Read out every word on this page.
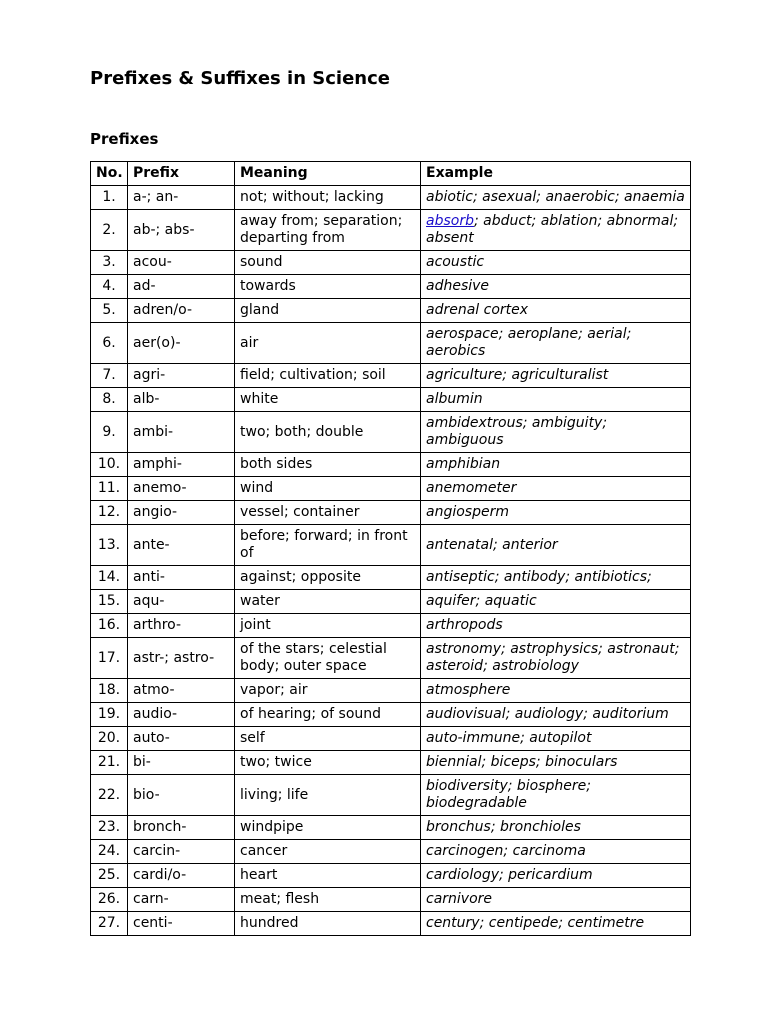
Prefixes & Suffixes in Science
Prefixes
No.	Prefix	Meaning	Example
1.	a-; an-	not; without; lacking	abiotic; asexual; anaerobic; anaemia
2.	ab-; abs-	away from; separation; departing from	absorb; abduct; ablation; abnormal; absent
3.	acou-	sound	acoustic
4.	ad-	towards	adhesive
5.	adren/o-	gland	adrenal cortex
6.	aer(o)-	air	aerospace; aeroplane; aerial; aerobics
7.	agri-	field; cultivation; soil	agriculture; agriculturalist
8.	alb-	white	albumin
9.	ambi-	two; both; double	ambidextrous; ambiguity; ambiguous
10.	amphi-	both sides	amphibian
11.	anemo-	wind	anemometer
12.	angio-	vessel; container	angiosperm
13.	ante-	before; forward; in front of	antenatal; anterior
14.	anti-	against; opposite	antiseptic; antibody; antibiotics;
15.	aqu-	water	aquifer; aquatic
16.	arthro-	joint	arthropods
17.	astr-; astro-	of the stars; celestial body; outer space	astronomy; astrophysics; astronaut; asteroid; astrobiology
18.	atmo-	vapor; air	atmosphere
19.	audio-	of hearing; of sound	audiovisual; audiology; auditorium
20.	auto-	self	auto-immune; autopilot
21.	bi-	two; twice	biennial; biceps; binoculars
22.	bio-	living; life	biodiversity; biosphere; biodegradable
23.	bronch-	windpipe	bronchus; bronchioles
24.	carcin-	cancer	carcinogen; carcinoma
25.	cardi/o-	heart	cardiology; pericardium
26.	carn-	meat; flesh	carnivore
27.	centi-	hundred	century; centipede; centimetre
